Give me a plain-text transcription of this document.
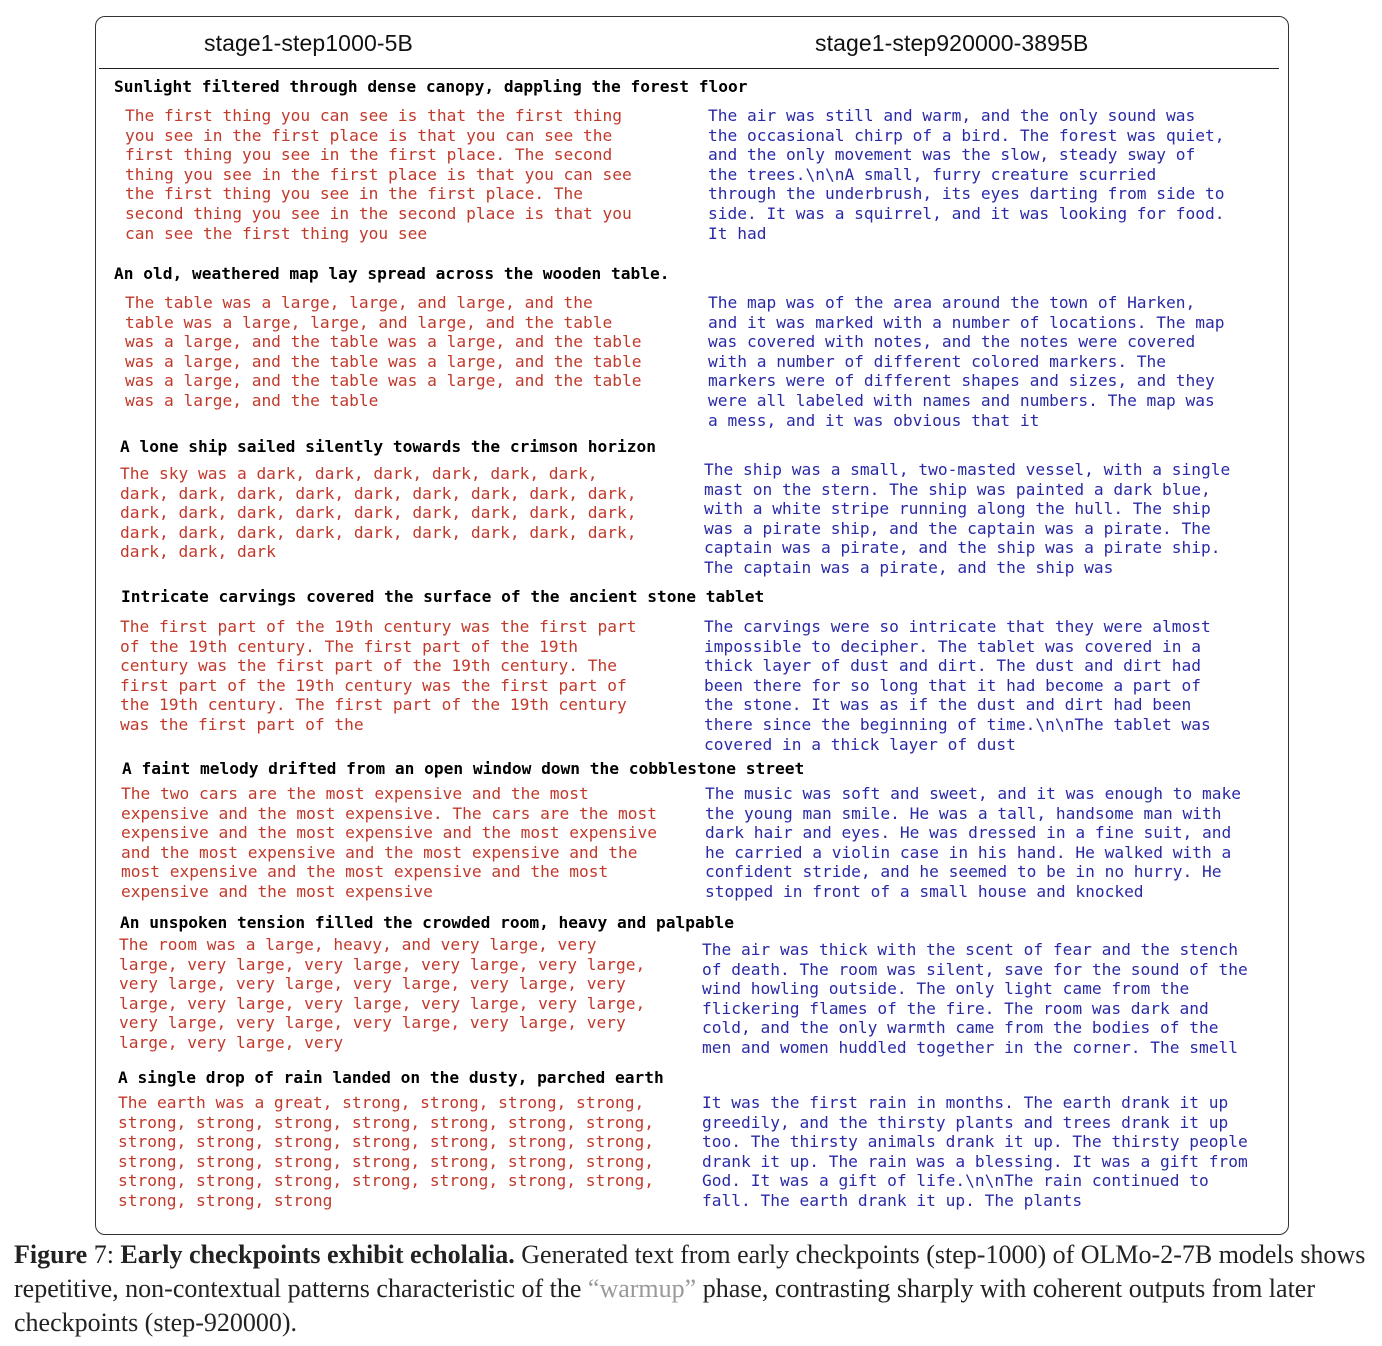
stage1-step1000-5B	stage1-step920000-3895B
Sunlight filtered through dense canopy, dappling the forest floor
The first thing you can see is that the first thing
you see in the first place is that you can see the
first thing you see in the first place. The second
thing you see in the first place is that you can see
the first thing you see in the first place. The
second thing you see in the second place is that you
can see the first thing you see
The air was still and warm, and the only sound was
the occasional chirp of a bird. The forest was quiet,
and the only movement was the slow, steady sway of
the trees.\n\nA small, furry creature scurried
through the underbrush, its eyes darting from side to
side. It was a squirrel, and it was looking for food.
It had
An old, weathered map lay spread across the wooden table.
The table was a large, large, and large, and the
table was a large, large, and large, and the table
was a large, and the table was a large, and the table
was a large, and the table was a large, and the table
was a large, and the table was a large, and the table
was a large, and the table
The map was of the area around the town of Harken,
and it was marked with a number of locations. The map
was covered with notes, and the notes were covered
with a number of different colored markers. The
markers were of different shapes and sizes, and they
were all labeled with names and numbers. The map was
a mess, and it was obvious that it
A lone ship sailed silently towards the crimson horizon
The sky was a dark, dark, dark, dark, dark, dark,
dark, dark, dark, dark, dark, dark, dark, dark, dark,
dark, dark, dark, dark, dark, dark, dark, dark, dark,
dark, dark, dark, dark, dark, dark, dark, dark, dark,
dark, dark, dark
The ship was a small, two-masted vessel, with a single
mast on the stern. The ship was painted a dark blue,
with a white stripe running along the hull. The ship
was a pirate ship, and the captain was a pirate. The
captain was a pirate, and the ship was a pirate ship.
The captain was a pirate, and the ship was
Intricate carvings covered the surface of the ancient stone tablet
The first part of the 19th century was the first part
of the 19th century. The first part of the 19th
century was the first part of the 19th century. The
first part of the 19th century was the first part of
the 19th century. The first part of the 19th century
was the first part of the
The carvings were so intricate that they were almost
impossible to decipher. The tablet was covered in a
thick layer of dust and dirt. The dust and dirt had
been there for so long that it had become a part of
the stone. It was as if the dust and dirt had been
there since the beginning of time.\n\nThe tablet was
covered in a thick layer of dust
A faint melody drifted from an open window down the cobblestone street
The two cars are the most expensive and the most
expensive and the most expensive. The cars are the most
expensive and the most expensive and the most expensive
and the most expensive and the most expensive and the
most expensive and the most expensive and the most
expensive and the most expensive
The music was soft and sweet, and it was enough to make
the young man smile. He was a tall, handsome man with
dark hair and eyes. He was dressed in a fine suit, and
he carried a violin case in his hand. He walked with a
confident stride, and he seemed to be in no hurry. He
stopped in front of a small house and knocked
An unspoken tension filled the crowded room, heavy and palpable
The room was a large, heavy, and very large, very
large, very large, very large, very large, very large,
very large, very large, very large, very large, very
large, very large, very large, very large, very large,
very large, very large, very large, very large, very
large, very large, very
The air was thick with the scent of fear and the stench
of death. The room was silent, save for the sound of the
wind howling outside. The only light came from the
flickering flames of the fire. The room was dark and
cold, and the only warmth came from the bodies of the
men and women huddled together in the corner. The smell
A single drop of rain landed on the dusty, parched earth
The earth was a great, strong, strong, strong, strong,
strong, strong, strong, strong, strong, strong, strong,
strong, strong, strong, strong, strong, strong, strong,
strong, strong, strong, strong, strong, strong, strong,
strong, strong, strong, strong, strong, strong, strong,
strong, strong, strong
It was the first rain in months. The earth drank it up
greedily, and the thirsty plants and trees drank it up
too. The thirsty animals drank it up. The thirsty people
drank it up. The rain was a blessing. It was a gift from
God. It was a gift of life.\n\nThe rain continued to
fall. The earth drank it up. The plants
Figure 7: Early checkpoints exhibit echolalia. Generated text from early checkpoints (step-1000) of OLMo-2-7B models shows repetitive, non-contextual patterns characteristic of the “warmup” phase, contrasting sharply with coherent outputs from later checkpoints (step-920000).
